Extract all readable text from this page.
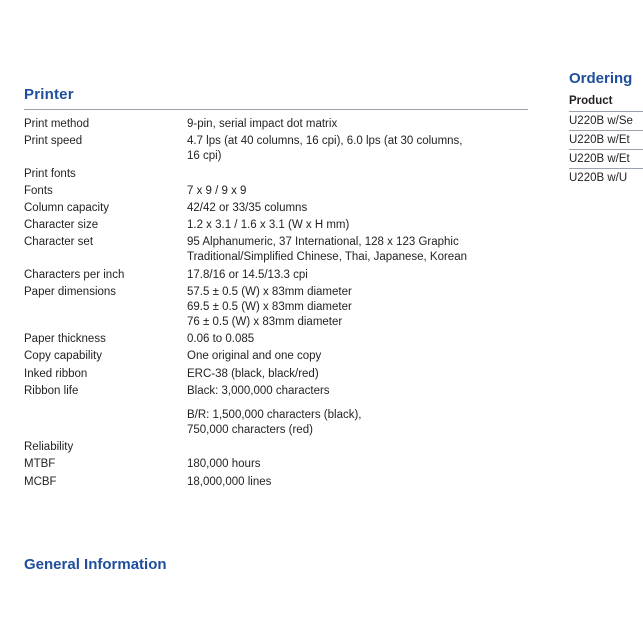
Printer
Print method	9-pin, serial impact dot matrix
Print speed	4.7 lps (at 40 columns, 16 cpi), 6.0 lps (at 30 columns,
16 cpi)

Print fonts	
Fonts	7 x 9 / 9 x 9
Column capacity	42/42 or 33/35 columns
Character size	1.2 x 3.1 / 1.6 x 3.1 (W x H mm)
Character set	95 Alphanumeric, 37 International, 128 x 123 Graphic
Traditional/Simplified Chinese, Thai, Japanese, Korean

Characters per inch	17.8/16 or 14.5/13.3 cpi
Paper dimensions	57.5 ± 0.5 (W) x 83mm diameter
69.5 ± 0.5 (W) x 83mm diameter
76 ± 0.5 (W) x 83mm diameter

Paper thickness	0.06 to 0.085
Copy capability	One original and one copy
Inked ribbon	ERC-38 (black, black/red)
Ribbon life	Black: 3,000,000 characters
B/R: 1,500,000 characters (black),
750,000 characters (red)

Reliability	
MTBF	180,000 hours
MCBF	18,000,000 lines
Ordering
Product
U220B w/Se
U220B w/Et
U220B w/Et
U220B w/U
General Information
